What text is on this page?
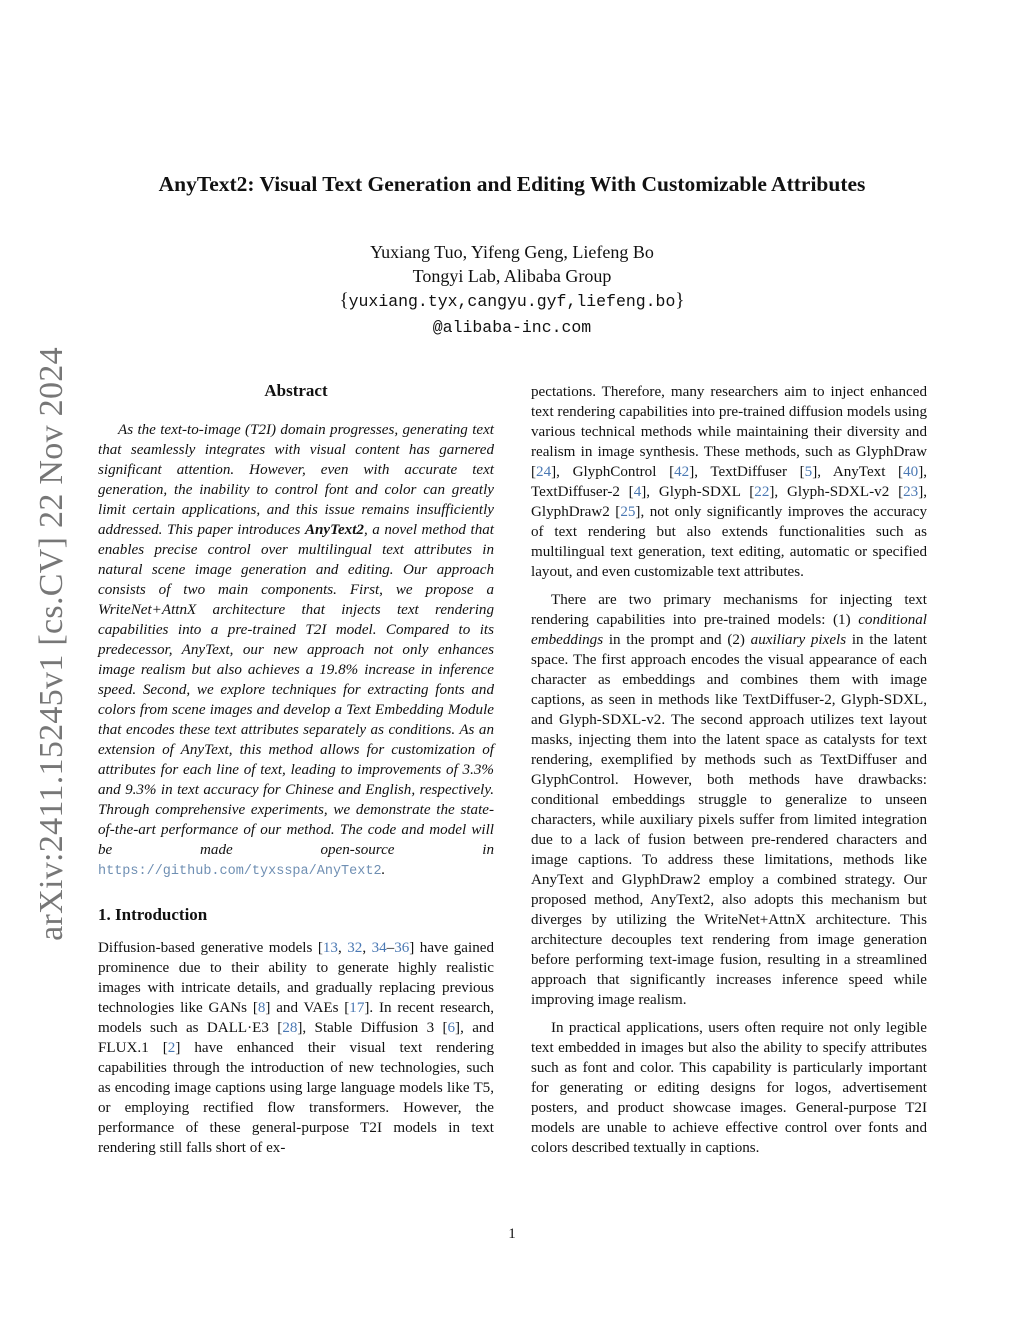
arXiv:2411.15245v1 [cs.CV] 22 Nov 2024
AnyText2: Visual Text Generation and Editing With Customizable Attributes
Yuxiang Tuo, Yifeng Geng, Liefeng Bo
Tongyi Lab, Alibaba Group
{yuxiang.tyx,cangyu.gyf,liefeng.bo}
@alibaba-inc.com
Abstract

As the text-to-image (T2I) domain progresses, generating text that seamlessly integrates with visual content has garnered significant attention. However, even with accurate text generation, the inability to control font and color can greatly limit certain applications, and this issue remains insufficiently addressed. This paper introduces AnyText2, a novel method that enables precise control over multilingual text attributes in natural scene image generation and editing. Our approach consists of two main components. First, we propose a WriteNet+AttnX architecture that injects text rendering capabilities into a pre-trained T2I model. Compared to its predecessor, AnyText, our new approach not only enhances image realism but also achieves a 19.8% increase in inference speed. Second, we explore techniques for extracting fonts and colors from scene images and develop a Text Embedding Module that encodes these text attributes separately as conditions. As an extension of AnyText, this method allows for customization of attributes for each line of text, leading to improvements of 3.3% and 9.3% in text accuracy for Chinese and English, respectively. Through comprehensive experiments, we demonstrate the state-of-the-art performance of our method. The code and model will be made open-source in https://github.com/tyxsspa/AnyText2.

1. Introduction

Diffusion-based generative models [13, 32, 34–36] have gained prominence due to their ability to generate highly realistic images with intricate details, and gradually replacing previous technologies like GANs [8] and VAEs [17]. In recent research, models such as DALL·E3 [28], Stable Diffusion 3 [6], and FLUX.1 [2] have enhanced their visual text rendering capabilities through the introduction of new technologies, such as encoding image captions using large language models like T5, or employing rectified flow transformers. However, the performance of these general-purpose T2I models in text rendering still falls short of ex-

pectations. Therefore, many researchers aim to inject enhanced text rendering capabilities into pre-trained diffusion models using various technical methods while maintaining their diversity and realism in image synthesis. These methods, such as GlyphDraw [24], GlyphControl [42], TextDiffuser [5], AnyText [40], TextDiffuser-2 [4], Glyph-SDXL [22], Glyph-SDXL-v2 [23], GlyphDraw2 [25], not only significantly improves the accuracy of text rendering but also extends functionalities such as multilingual text generation, text editing, automatic or specified layout, and even customizable text attributes.

There are two primary mechanisms for injecting text rendering capabilities into pre-trained models: (1) conditional embeddings in the prompt and (2) auxiliary pixels in the latent space. The first approach encodes the visual appearance of each character as embeddings and combines them with image captions, as seen in methods like TextDiffuser-2, Glyph-SDXL, and Glyph-SDXL-v2. The second approach utilizes text layout masks, injecting them into the latent space as catalysts for text rendering, exemplified by methods such as TextDiffuser and GlyphControl. However, both methods have drawbacks: conditional embeddings struggle to generalize to unseen characters, while auxiliary pixels suffer from limited integration due to a lack of fusion between pre-rendered characters and image captions. To address these limitations, methods like AnyText and GlyphDraw2 employ a combined strategy. Our proposed method, AnyText2, also adopts this mechanism but diverges by utilizing the WriteNet+AttnX architecture. This architecture decouples text rendering from image generation before performing text-image fusion, resulting in a streamlined approach that significantly increases inference speed while improving image realism.

In practical applications, users often require not only legible text embedded in images but also the ability to specify attributes such as font and color. This capability is particularly important for generating or editing designs for logos, advertisement posters, and product showcase images. General-purpose T2I models are unable to achieve effective control over fonts and colors described textually in captions.

1
